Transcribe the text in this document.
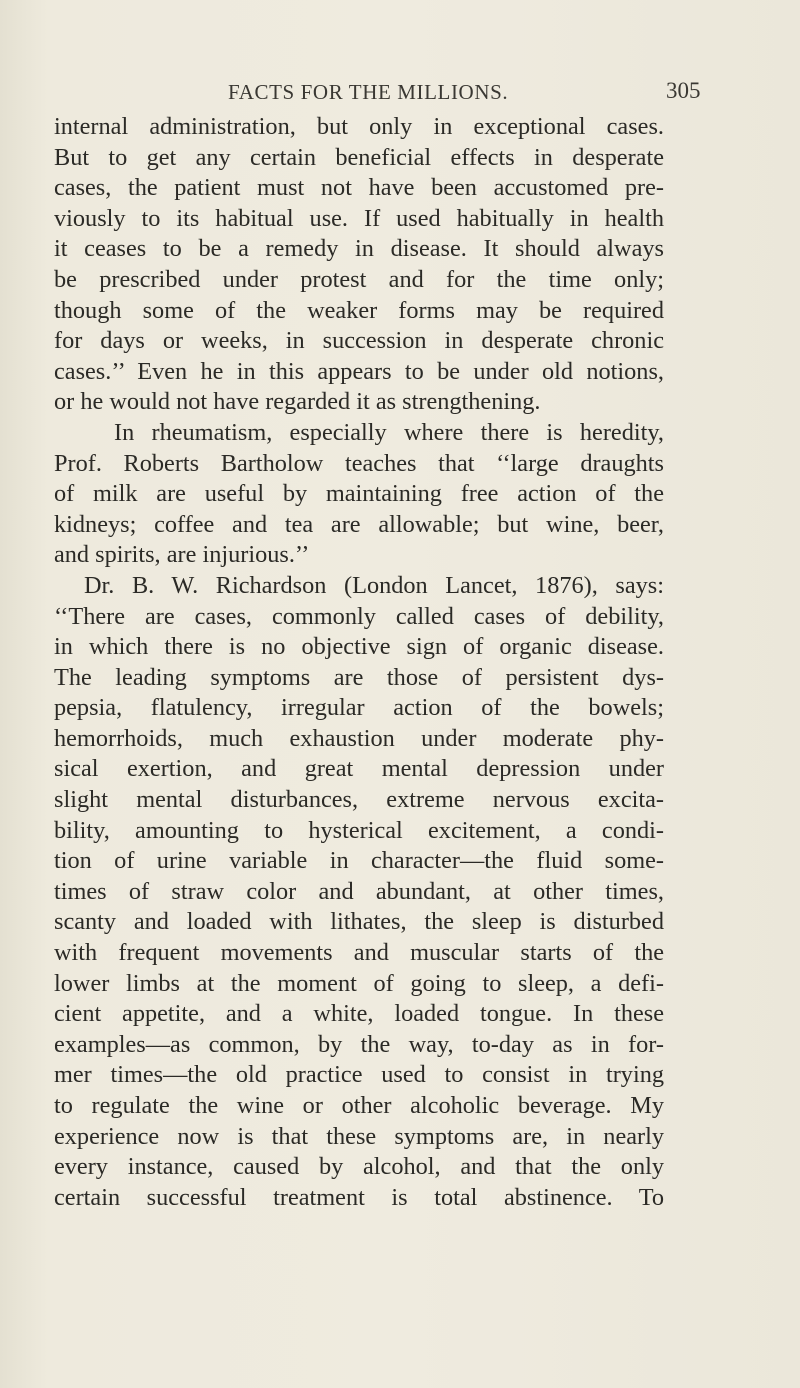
FACTS FOR THE MILLIONS.	305
internal administration, but only in exceptional cases.
But to get any certain beneficial effects in desperate
cases, the patient must not have been accustomed pre-
viously to its habitual use. If used habitually in health
it ceases to be a remedy in disease. It should always
be prescribed under protest and for the time only;
though some of the weaker forms may be required
for days or weeks, in succession in desperate chronic
cases.’’ Even he in this appears to be under old notions,
or he would not have regarded it as strengthening.
In rheumatism, especially where there is heredity,
Prof. Roberts Bartholow teaches that ‘‘large draughts
of milk are useful by maintaining free action of the
kidneys; coffee and tea are allowable; but wine, beer,
and spirits, are injurious.’’
Dr. B. W. Richardson (London Lancet, 1876), says:
‘‘There are cases, commonly called cases of debility,
in which there is no objective sign of organic disease.
The leading symptoms are those of persistent dys-
pepsia, flatulency, irregular action of the bowels;
hemorrhoids, much exhaustion under moderate phy-
sical exertion, and great mental depression under
slight mental disturbances, extreme nervous excita-
bility, amounting to hysterical excitement, a condi-
tion of urine variable in character—the fluid some-
times of straw color and abundant, at other times,
scanty and loaded with lithates, the sleep is disturbed
with frequent movements and muscular starts of the
lower limbs at the moment of going to sleep, a defi-
cient appetite, and a white, loaded tongue. In these
examples—as common, by the way, to-day as in for-
mer times—the old practice used to consist in trying
to regulate the wine or other alcoholic beverage. My
experience now is that these symptoms are, in nearly
every instance, caused by alcohol, and that the only
certain successful treatment is total abstinence. To
